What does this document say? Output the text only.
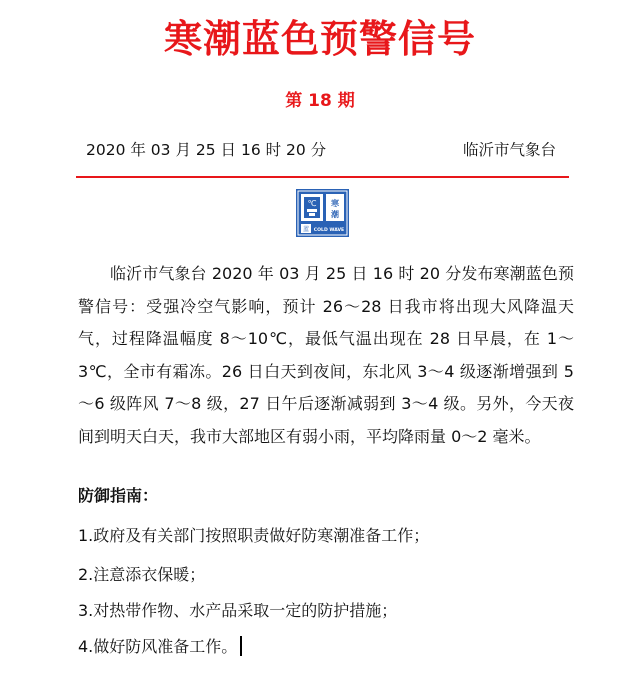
寒潮蓝色预警信号
第 18 期
2020 年 03 月 25 日 16 时 20 分	临沂市气象台
℃ 寒
潮
蓝 COLD WAVE
临沂市气象台 2020 年 03 月 25 日 16 时 20 分发布寒潮蓝色预警信号：受强冷空气影响，预计 26～28 日我市将出现大风降温天气，过程降温幅度 8～10℃，最低气温出现在 28 日早晨，在 1～3℃，全市有霜冻。26 日白天到夜间，东北风 3～4 级逐渐增强到 5～6 级阵风 7～8 级，27 日午后逐渐减弱到 3～4 级。另外，今天夜间到明天白天，我市大部地区有弱小雨，平均降雨量 0～2 毫米。
防御指南：
1.政府及有关部门按照职责做好防寒潮准备工作；
2.注意添衣保暖；
3.对热带作物、水产品采取一定的防护措施；
4.做好防风准备工作。
